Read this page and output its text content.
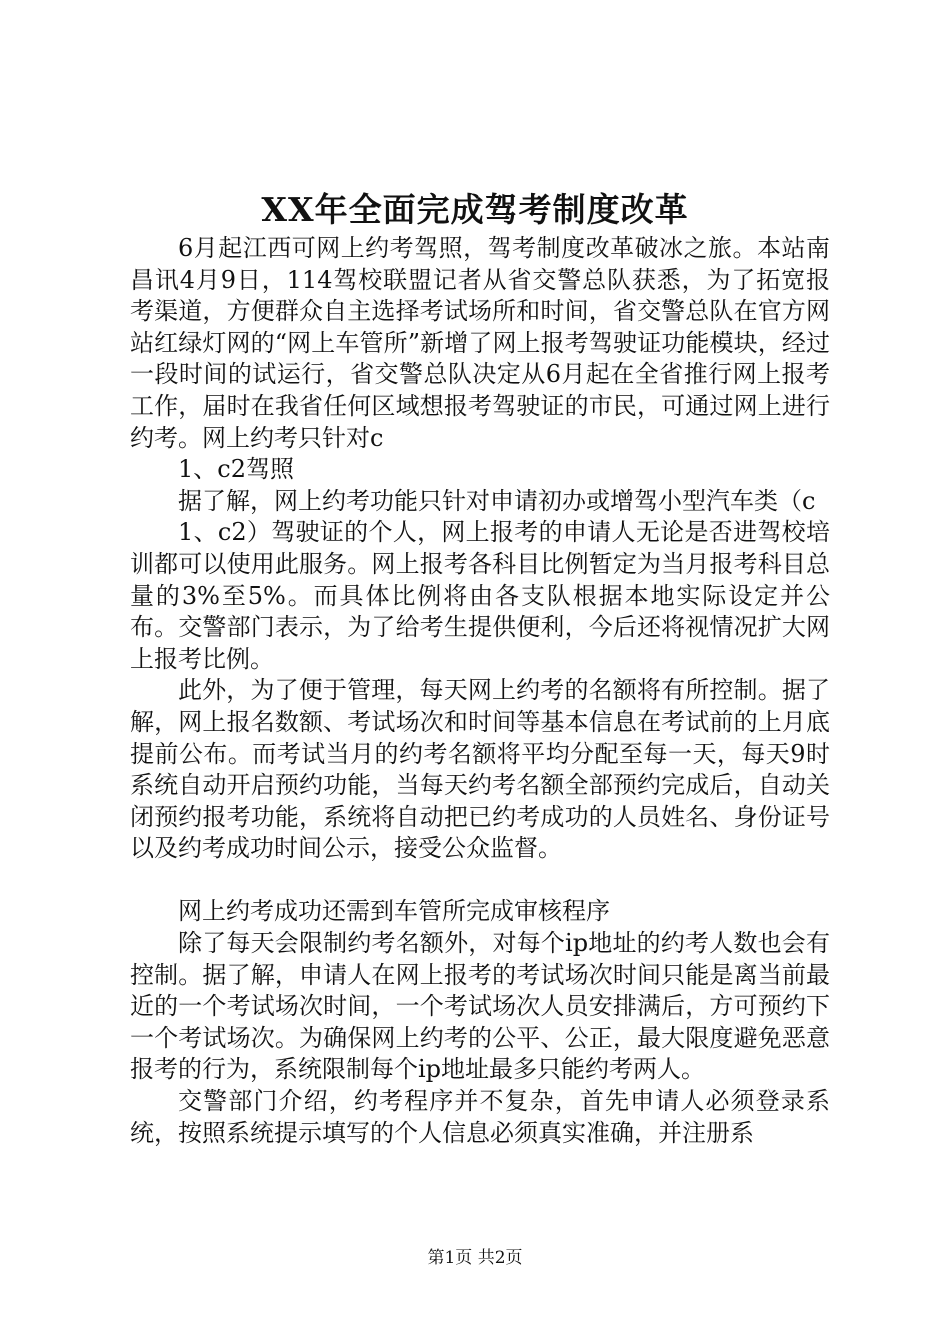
XX年全面完成驾考制度改革

6月起江西可网上约考驾照，驾考制度改革破冰之旅。本站南昌讯4月9日，114驾校联盟记者从省交警总队获悉，为了拓宽报考渠道，方便群众自主选择考试场所和时间，省交警总队在官方网站红绿灯网的“网上车管所”新增了网上报考驾驶证功能模块，经过一段时间的试运行，省交警总队决定从6月起在全省推行网上报考工作，届时在我省任何区域想报考驾驶证的市民，可通过网上进行约考。网上约考只针对c

1、c2驾照

据了解，网上约考功能只针对申请初办或增驾小型汽车类（c

1、c2）驾驶证的个人，网上报考的申请人无论是否进驾校培训都可以使用此服务。网上报考各科目比例暂定为当月报考科目总量的3%至5%。而具体比例将由各支队根据本地实际设定并公布。交警部门表示，为了给考生提供便利，今后还将视情况扩大网上报考比例。

此外，为了便于管理，每天网上约考的名额将有所控制。据了解，网上报名数额、考试场次和时间等基本信息在考试前的上月底提前公布。而考试当月的约考名额将平均分配至每一天，每天9时系统自动开启预约功能，当每天约考名额全部预约完成后，自动关闭预约报考功能，系统将自动把已约考成功的人员姓名、身份证号以及约考成功时间公示，接受公众监督。

网上约考成功还需到车管所完成审核程序

除了每天会限制约考名额外，对每个ip地址的约考人数也会有控制。据了解，申请人在网上报考的考试场次时间只能是离当前最近的一个考试场次时间，一个考试场次人员安排满后，方可预约下一个考试场次。为确保网上约考的公平、公正，最大限度避免恶意报考的行为，系统限制每个ip地址最多只能约考两人。

交警部门介绍，约考程序并不复杂，首先申请人必须登录系统，按照系统提示填写的个人信息必须真实准确，并注册系

第1页 共2页
